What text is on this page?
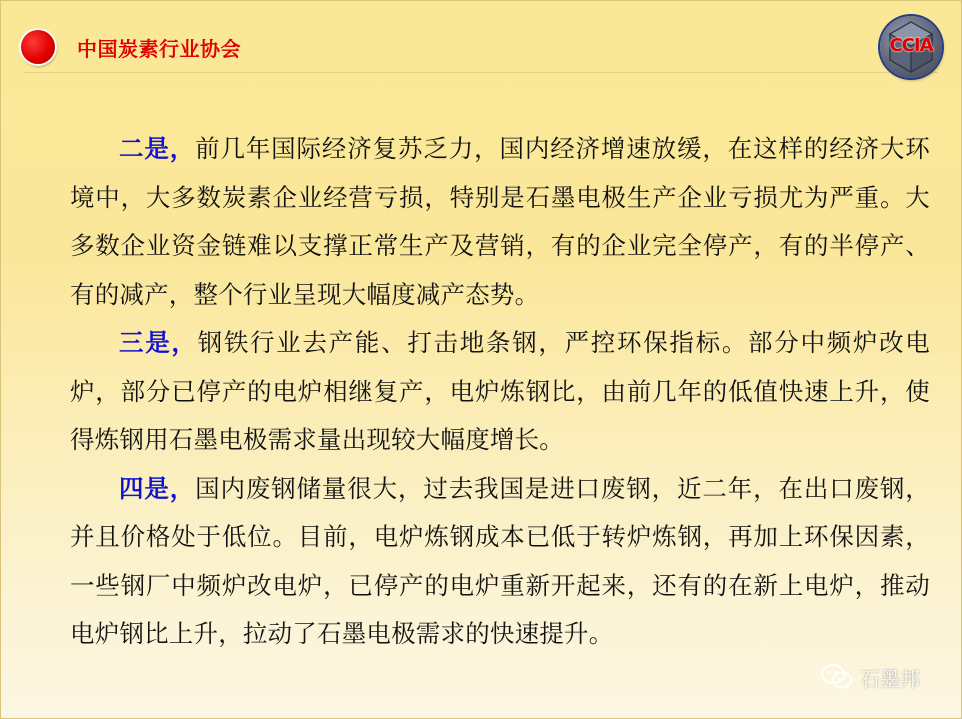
中国炭素行业协会	CCIA

二是，前几年国际经济复苏乏力，国内经济增速放缓，在这样的经济大环境中，大多数炭素企业经营亏损，特别是石墨电极生产企业亏损尤为严重。大多数企业资金链难以支撑正常生产及营销，有的企业完全停产，有的半停产、有的减产，整个行业呈现大幅度减产态势。

三是，钢铁行业去产能、打击地条钢，严控环保指标。部分中频炉改电炉，部分已停产的电炉相继复产，电炉炼钢比，由前几年的低值快速上升，使得炼钢用石墨电极需求量出现较大幅度增长。

四是，国内废钢储量很大，过去我国是进口废钢，近二年，在出口废钢，并且价格处于低位。目前，电炉炼钢成本已低于转炉炼钢，再加上环保因素，一些钢厂中频炉改电炉，已停产的电炉重新开起来，还有的在新上电炉，推动电炉钢比上升，拉动了石墨电极需求的快速提升。

石墨邦
